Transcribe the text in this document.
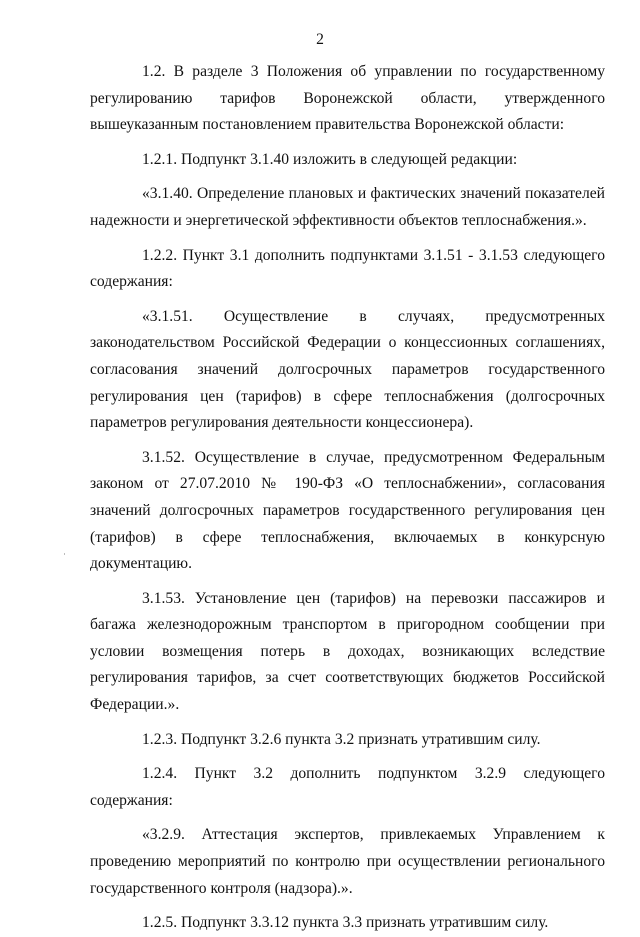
2

1.2. В разделе 3 Положения об управлении по государственному регулированию тарифов Воронежской области, утвержденного вышеуказанным постановлением правительства Воронежской области:

1.2.1. Подпункт 3.1.40 изложить в следующей редакции:

«3.1.40. Определение плановых и фактических значений показателей надежности и энергетической эффективности объектов теплоснабжения.».

1.2.2. Пункт 3.1 дополнить подпунктами 3.1.51 - 3.1.53 следующего содержания:

«3.1.51. Осуществление в случаях, предусмотренных законодательством Российской Федерации о концессионных соглашениях, согласования значений долгосрочных параметров государственного регулирования цен (тарифов) в сфере теплоснабжения (долгосрочных параметров регулирования деятельности концессионера).

3.1.52. Осуществление в случае, предусмотренном Федеральным законом от 27.07.2010 № 190-ФЗ «О теплоснабжении», согласования значений долгосрочных параметров государственного регулирования цен (тарифов) в сфере теплоснабжения, включаемых в конкурсную документацию.

3.1.53. Установление цен (тарифов) на перевозки пассажиров и багажа железнодорожным транспортом в пригородном сообщении при условии возмещения потерь в доходах, возникающих вследствие регулирования тарифов, за счет соответствующих бюджетов Российской Федерации.».

1.2.3. Подпункт 3.2.6 пункта 3.2 признать утратившим силу.

1.2.4. Пункт 3.2 дополнить подпунктом 3.2.9 следующего содержания:

«3.2.9. Аттестация экспертов, привлекаемых Управлением к проведению мероприятий по контролю при осуществлении регионального государственного контроля (надзора).».

1.2.5. Подпункт 3.3.12 пункта 3.3 признать утратившим силу.
